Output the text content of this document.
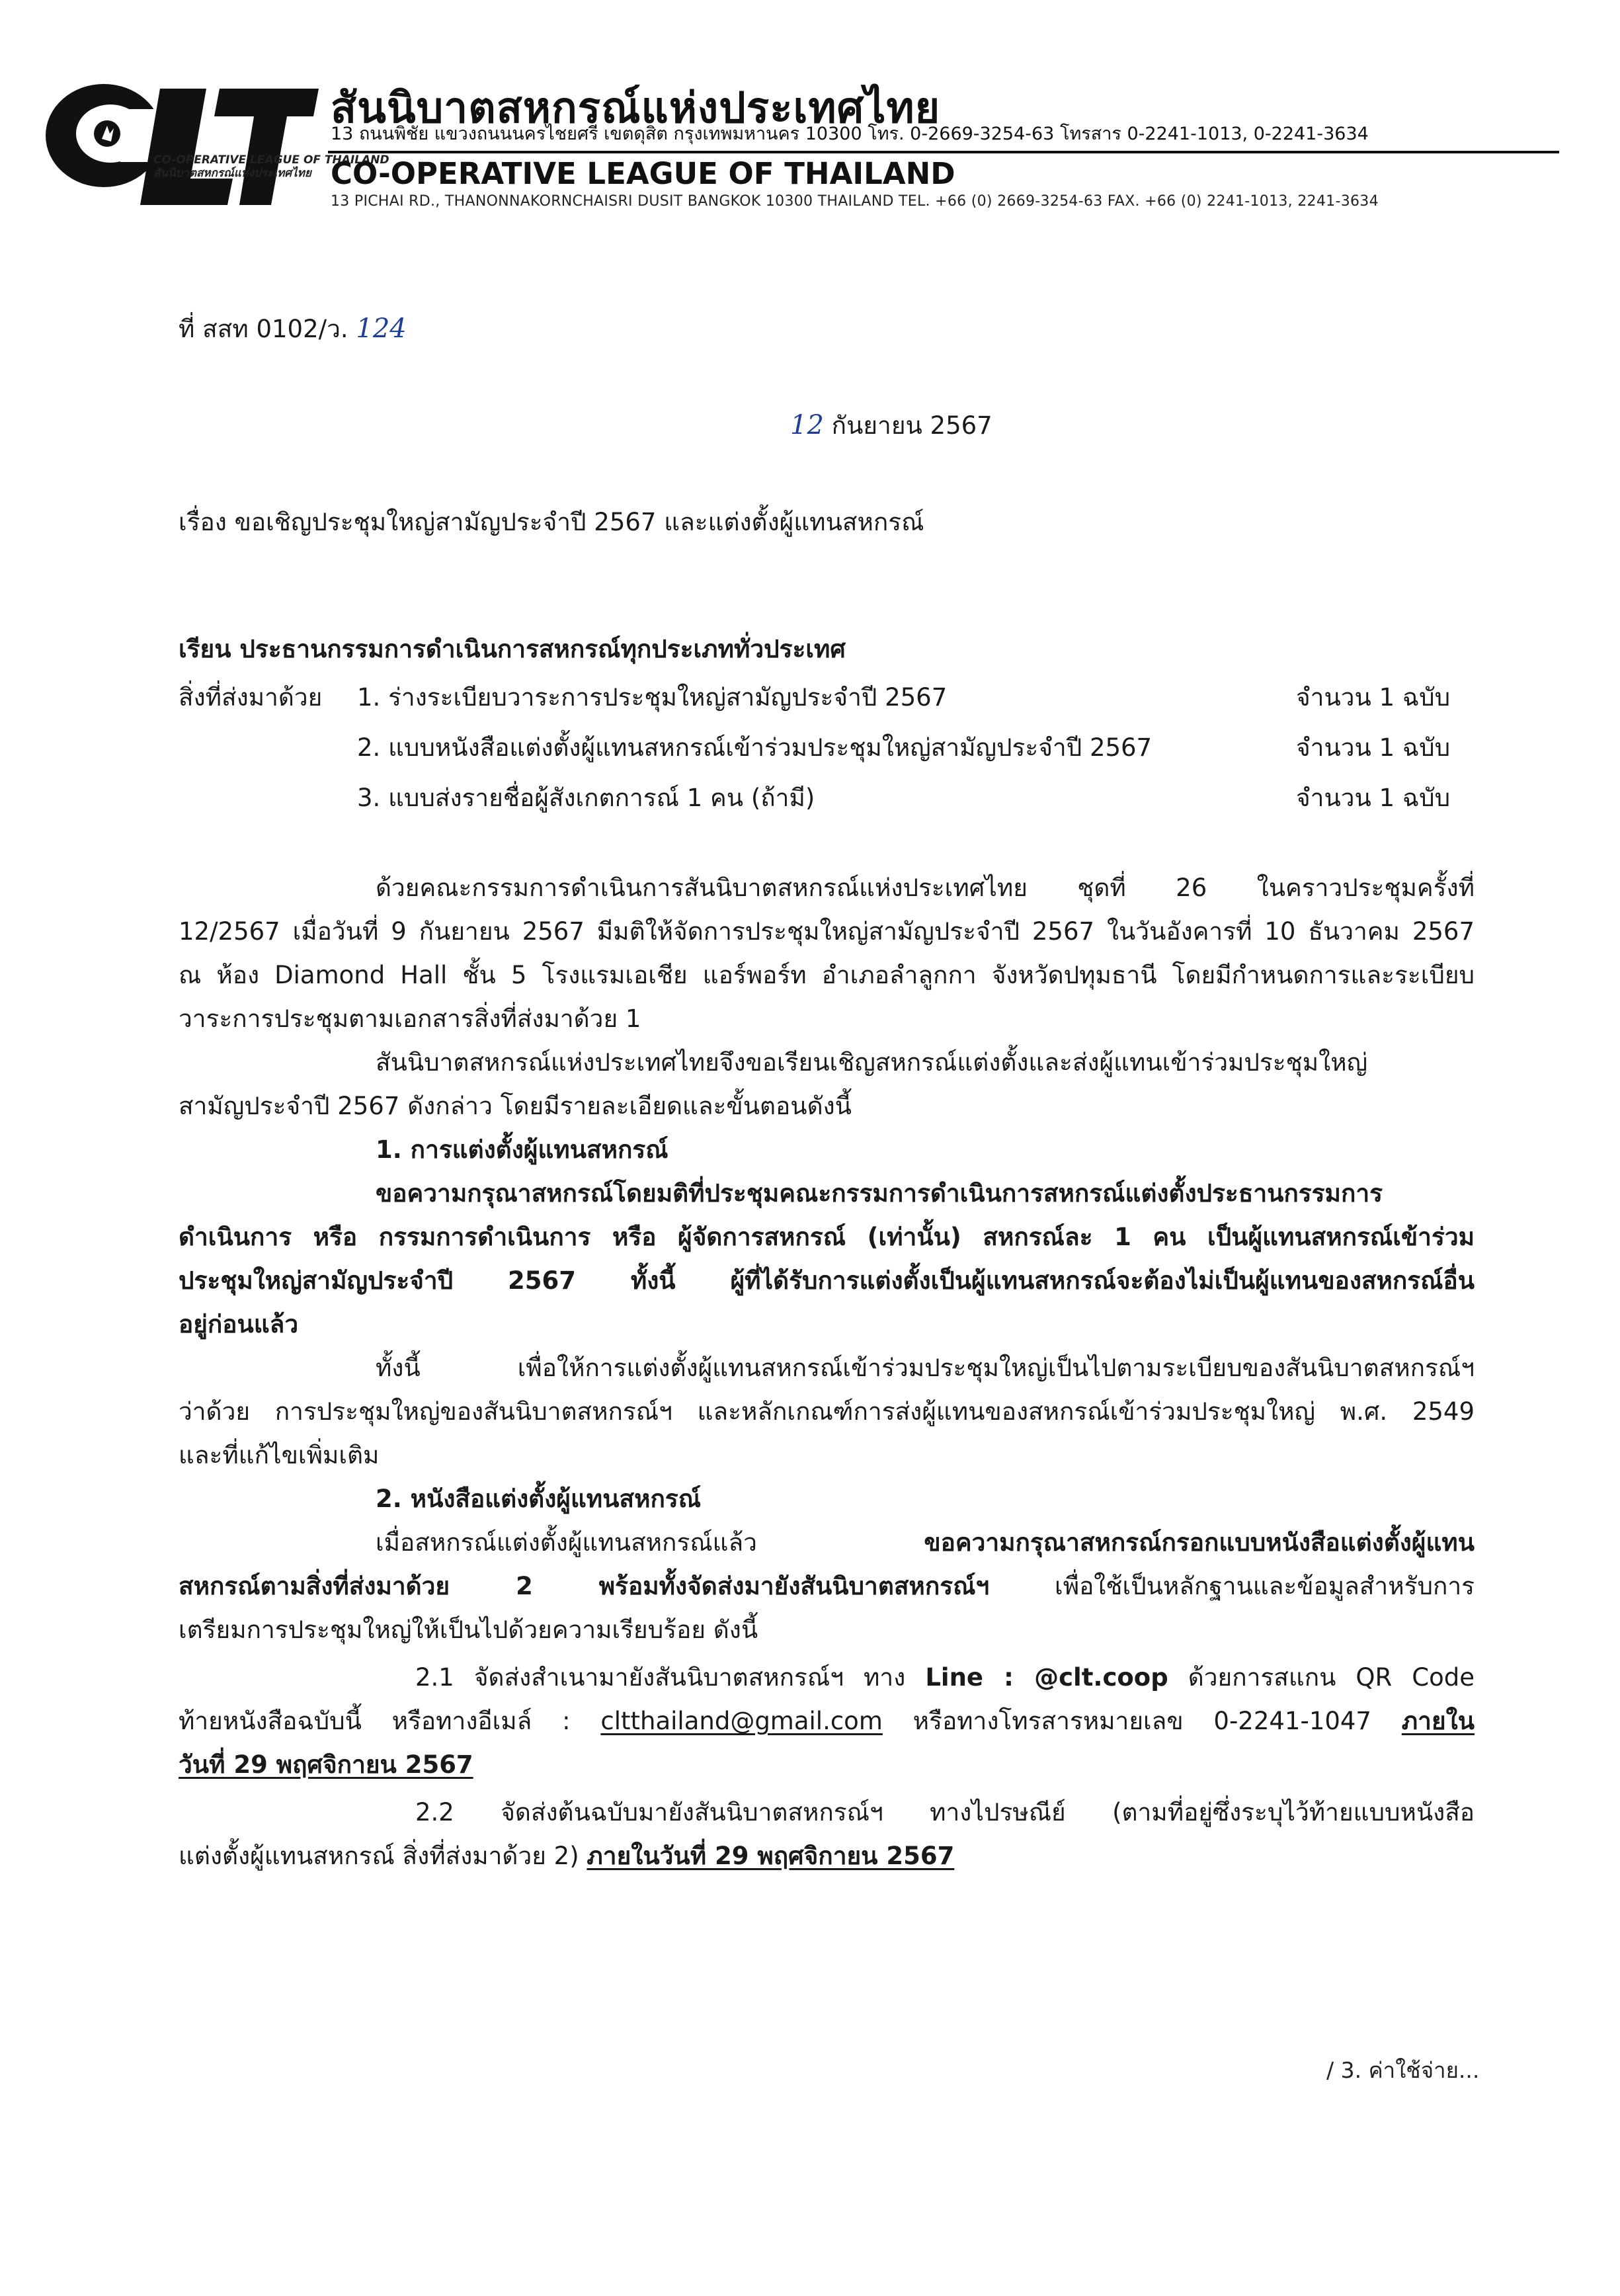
CO-OPERATIVE LEAGUE OF THAILAND
สันนิบาตสหกรณ์แห่งประเทศไทย
สันนิบาตสหกรณ์แห่งประเทศไทย
13 ถนนพิชัย แขวงถนนนครไชยศรี เขตดุสิต กรุงเทพมหานคร 10300 โทร. 0-2669-3254-63 โทรสาร 0-2241-1013, 0-2241-3634
CO-OPERATIVE LEAGUE OF THAILAND
13 PICHAI RD., THANONNAKORNCHAISRI DUSIT BANGKOK 10300 THAILAND TEL. +66 (0) 2669-3254-63 FAX. +66 (0) 2241-1013, 2241-3634
ที่ สสท 0102/ว. 124
12 กันยายน 2567
เรื่อง ขอเชิญประชุมใหญ่สามัญประจำปี 2567 และแต่งตั้งผู้แทนสหกรณ์
เรียน ประธานกรรมการดำเนินการสหกรณ์ทุกประเภททั่วประเทศ
สิ่งที่ส่งมาด้วย 1. ร่างระเบียบวาระการประชุมใหญ่สามัญประจำปี 2567	จำนวน 1 ฉบับ
2. แบบหนังสือแต่งตั้งผู้แทนสหกรณ์เข้าร่วมประชุมใหญ่สามัญประจำปี 2567	จำนวน 1 ฉบับ
3. แบบส่งรายชื่อผู้สังเกตการณ์ 1 คน (ถ้ามี)	จำนวน 1 ฉบับ
ด้วยคณะกรรมการดำเนินการสันนิบาตสหกรณ์แห่งประเทศไทย ชุดที่ 26 ในคราวประชุมครั้งที่
12/2567 เมื่อวันที่ 9 กันยายน 2567 มีมติให้จัดการประชุมใหญ่สามัญประจำปี 2567 ในวันอังคารที่ 10 ธันวาคม 2567
ณ ห้อง Diamond Hall ชั้น 5 โรงแรมเอเชีย แอร์พอร์ท อำเภอลำลูกกา จังหวัดปทุมธานี โดยมีกำหนดการและระเบียบ
วาระการประชุมตามเอกสารสิ่งที่ส่งมาด้วย 1
สันนิบาตสหกรณ์แห่งประเทศไทยจึงขอเรียนเชิญสหกรณ์แต่งตั้งและส่งผู้แทนเข้าร่วมประชุมใหญ่
สามัญประจำปี 2567 ดังกล่าว โดยมีรายละเอียดและขั้นตอนดังนี้
1. การแต่งตั้งผู้แทนสหกรณ์
ขอความกรุณาสหกรณ์โดยมติที่ประชุมคณะกรรมการดำเนินการสหกรณ์แต่งตั้งประธานกรรมการ
ดำเนินการ หรือ กรรมการดำเนินการ หรือ ผู้จัดการสหกรณ์ (เท่านั้น) สหกรณ์ละ 1 คน เป็นผู้แทนสหกรณ์เข้าร่วม
ประชุมใหญ่สามัญประจำปี 2567 ทั้งนี้ ผู้ที่ได้รับการแต่งตั้งเป็นผู้แทนสหกรณ์จะต้องไม่เป็นผู้แทนของสหกรณ์อื่น
อยู่ก่อนแล้ว
ทั้งนี้ เพื่อให้การแต่งตั้งผู้แทนสหกรณ์เข้าร่วมประชุมใหญ่เป็นไปตามระเบียบของสันนิบาตสหกรณ์ฯ
ว่าด้วย การประชุมใหญ่ของสันนิบาตสหกรณ์ฯ และหลักเกณฑ์การส่งผู้แทนของสหกรณ์เข้าร่วมประชุมใหญ่ พ.ศ. 2549
และที่แก้ไขเพิ่มเติม
2. หนังสือแต่งตั้งผู้แทนสหกรณ์
เมื่อสหกรณ์แต่งตั้งผู้แทนสหกรณ์แล้ว ขอความกรุณาสหกรณ์กรอกแบบหนังสือแต่งตั้งผู้แทน
สหกรณ์ตามสิ่งที่ส่งมาด้วย 2 พร้อมทั้งจัดส่งมายังสันนิบาตสหกรณ์ฯ เพื่อใช้เป็นหลักฐานและข้อมูลสำหรับการ
เตรียมการประชุมใหญ่ให้เป็นไปด้วยความเรียบร้อย ดังนี้
2.1 จัดส่งสำเนามายังสันนิบาตสหกรณ์ฯ ทาง Line : @clt.coop ด้วยการสแกน QR Code
ท้ายหนังสือฉบับนี้ หรือทางอีเมล์ : cltthailand@gmail.com หรือทางโทรสารหมายเลข 0-2241-1047 ภายใน
วันที่ 29 พฤศจิกายน 2567
2.2 จัดส่งต้นฉบับมายังสันนิบาตสหกรณ์ฯ ทางไปรษณีย์ (ตามที่อยู่ซึ่งระบุไว้ท้ายแบบหนังสือ
แต่งตั้งผู้แทนสหกรณ์ สิ่งที่ส่งมาด้วย 2) ภายในวันที่ 29 พฤศจิกายน 2567
/ 3. ค่าใช้จ่าย...
